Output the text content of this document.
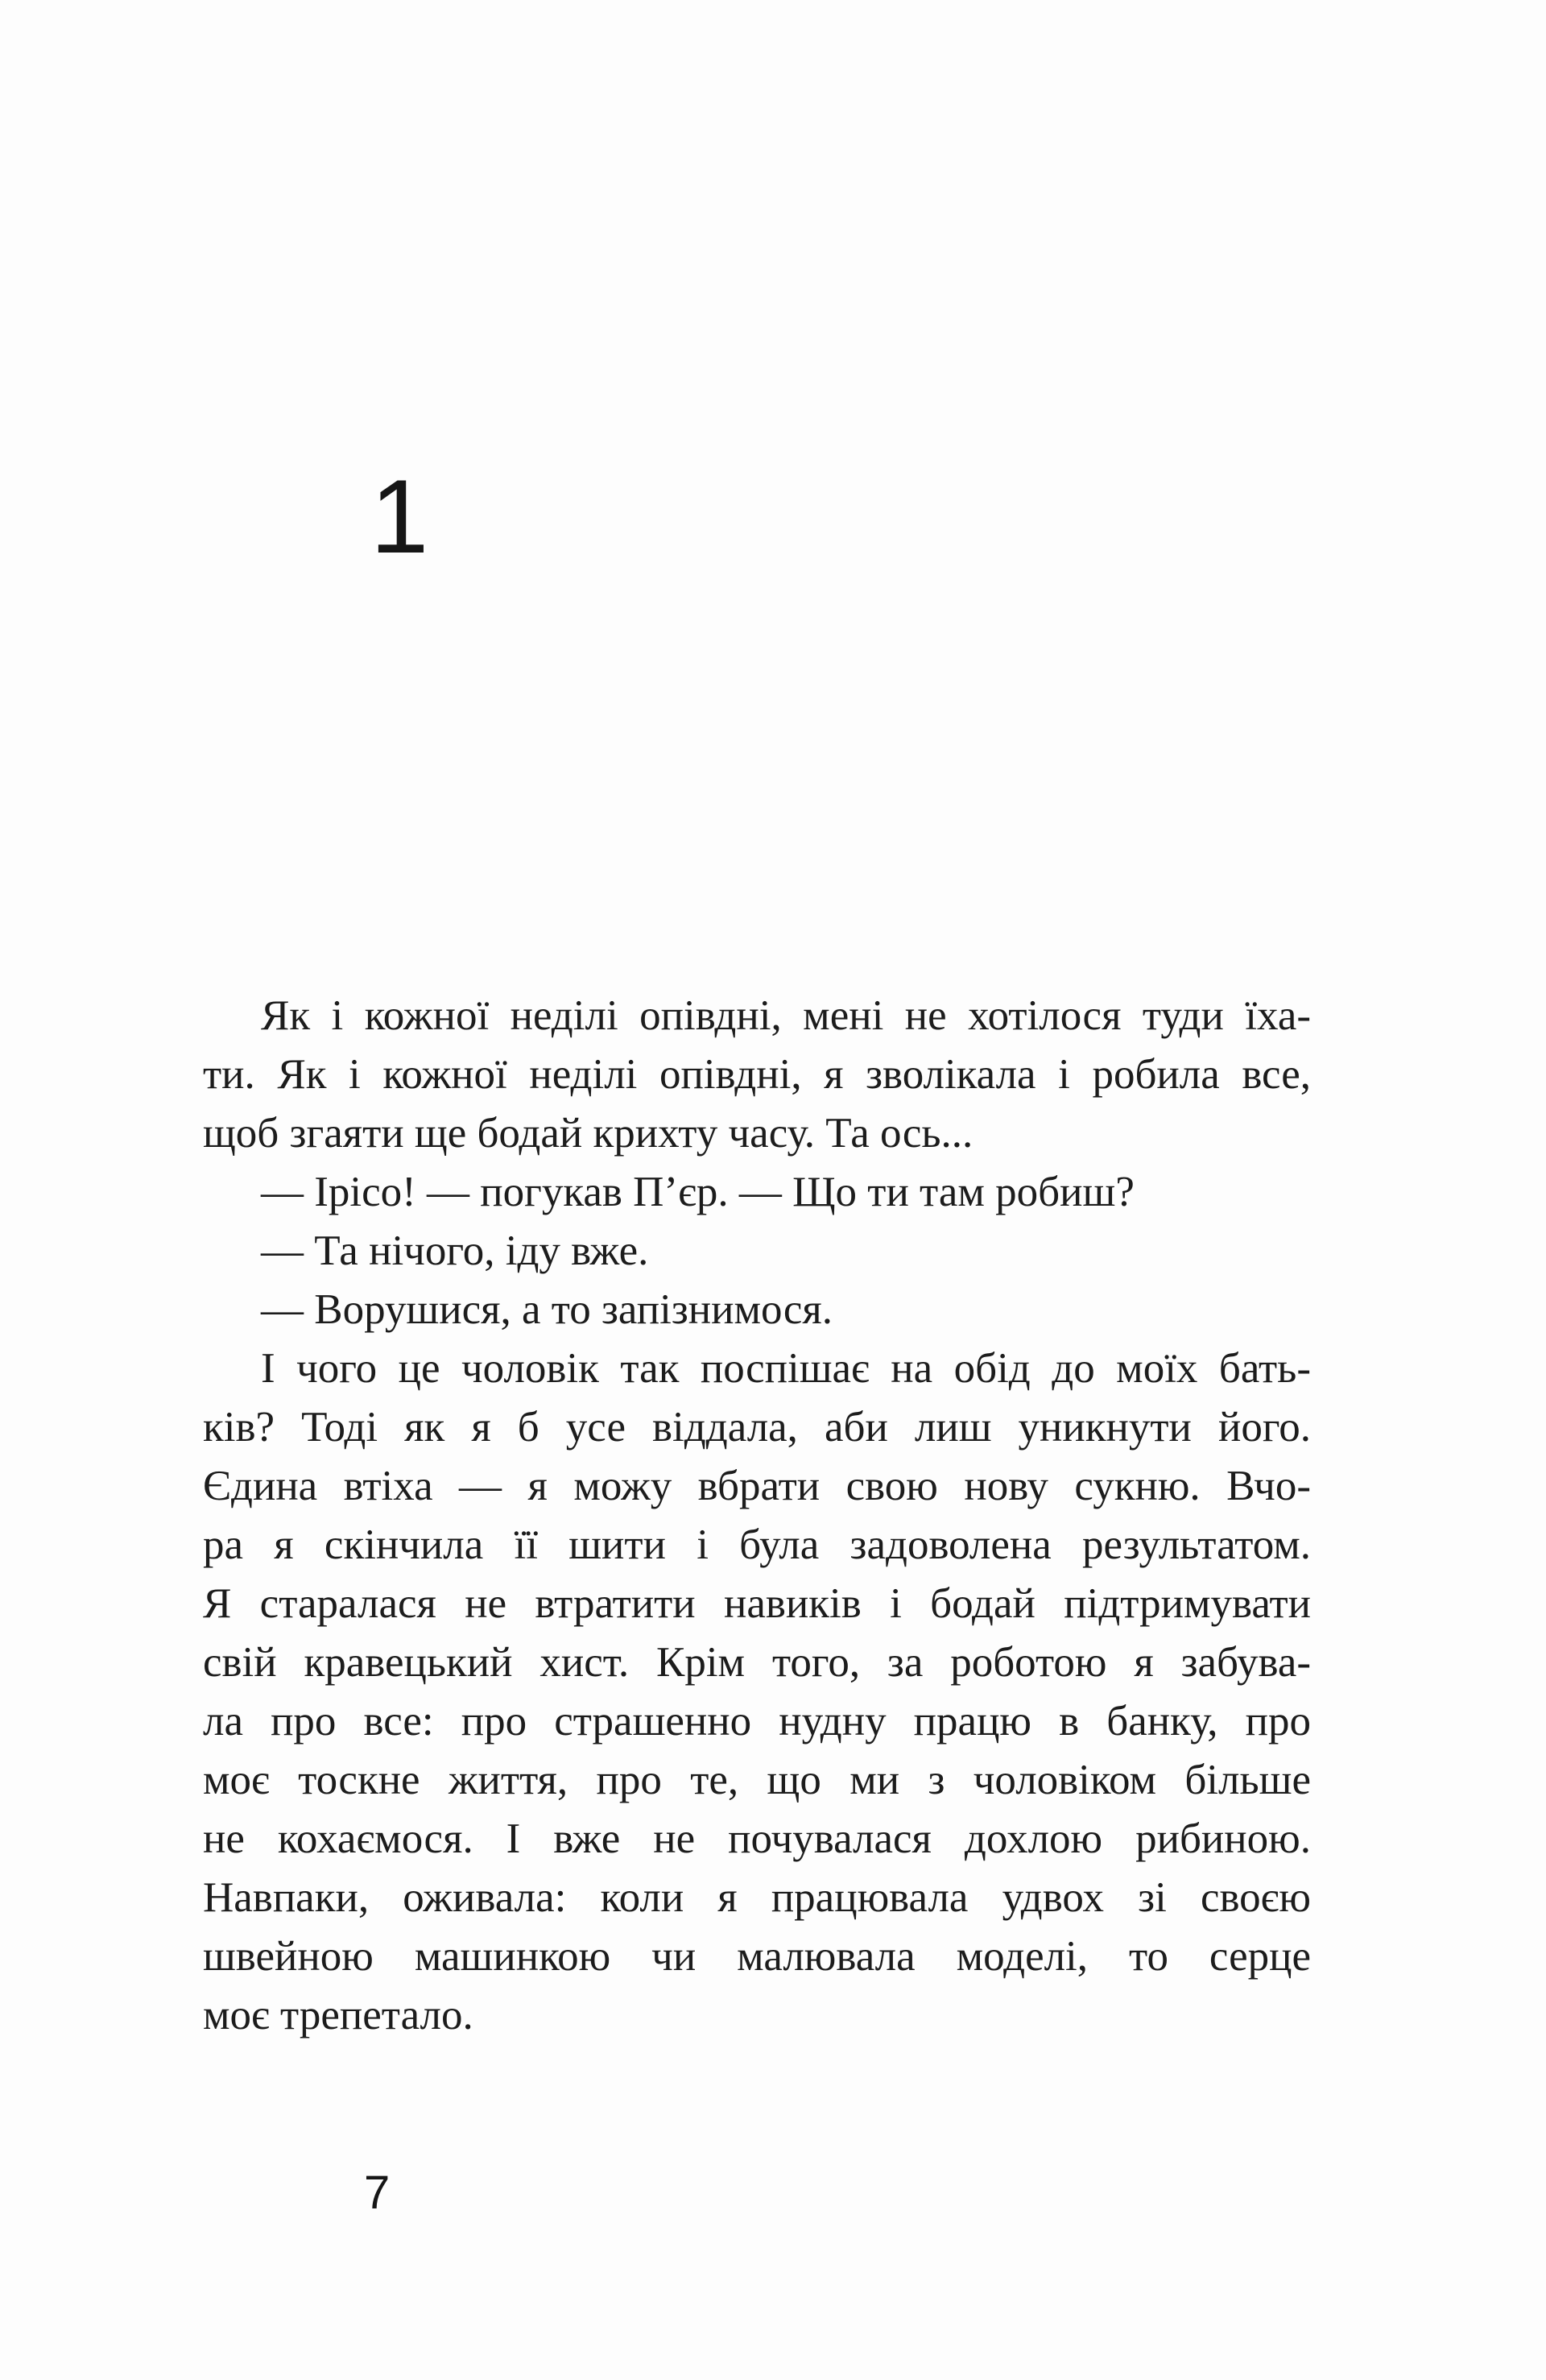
1

Як і кожної неділі опівдні, мені не хотілося туди їха-

ти. Як і кожної неділі опівдні, я зволікала і робила все,

щоб згаяти ще бодай крихту часу. Та ось...

— Ірісо! — погукав П’єр. — Що ти там робиш?

— Та нічого, іду вже.

— Ворушися, а то запізнимося.

І чого це чоловік так поспішає на обід до моїх бать-

ків? Тоді як я б усе віддала, аби лиш уникнути його.

Єдина втіха — я можу вбрати свою нову сукню. Вчо-

ра я скінчила її шити і була задоволена результатом.

Я старалася не втратити навиків і бодай підтримувати

свій кравецький хист. Крім того, за роботою я забува-

ла про все: про страшенно нудну працю в банку, про

моє тоскне життя, про те, що ми з чоловіком більше

не кохаємося. І вже не почувалася дохлою рибиною.

Навпаки, оживала: коли я працювала удвох зі своєю

швейною машинкою чи малювала моделі, то серце

моє трепетало.

7
